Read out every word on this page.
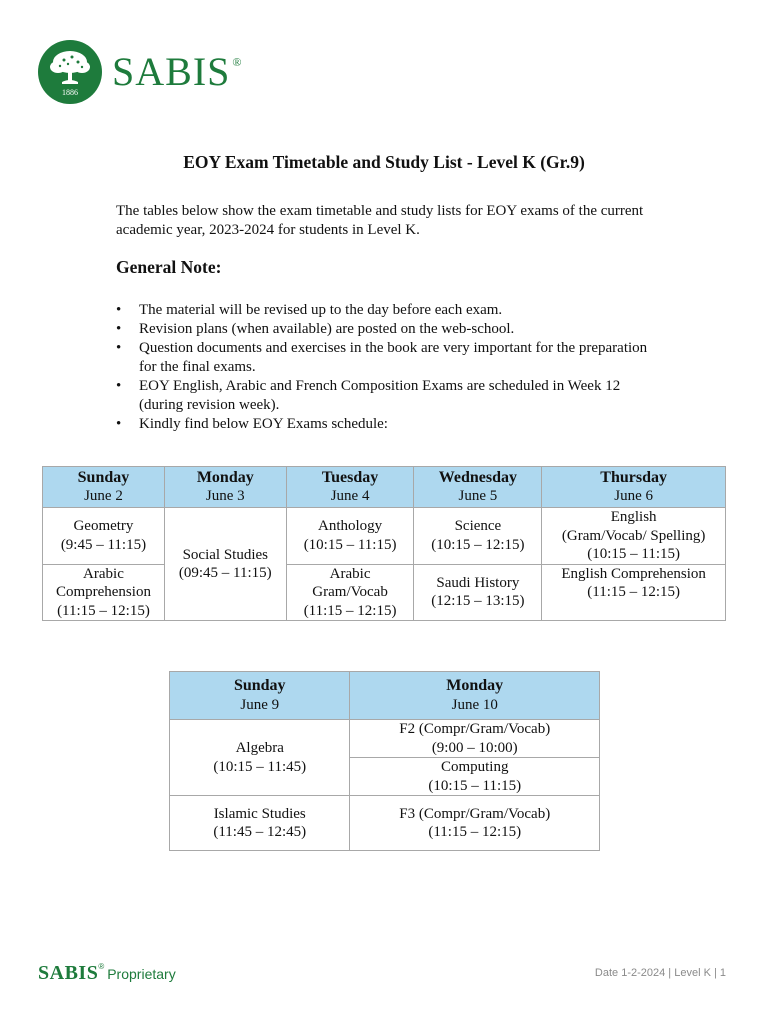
1886 SABIS ®
EOY Exam Timetable and Study List - Level K (Gr.9)

The tables below show the exam timetable and study lists for EOY exams of the current academic year, 2023-2024 for students in Level K.

General Note:
• The material will be revised up to the day before each exam.
• Revision plans (when available) are posted on the web-school.
• Question documents and exercises in the book are very important for the preparation for the final exams.
• EOY English, Arabic and French Composition Exams are scheduled in Week 12 (during revision week).
• Kindly find below EOY Exams schedule:
Sunday
June 2	Monday
June 3	Tuesday
June 4	Wednesday
June 5	Thursday
June 6

Geometry
(9:45 – 11:15)	Social Studies
(09:45 – 11:15)	Anthology
(10:15 – 11:15)	Science
(10:15 – 12:15)	English
(Gram/Vocab/ Spelling)
(10:15 – 11:15)

Arabic
Comprehension
(11:15 – 12:15)		Arabic
Gram/Vocab
(11:15 – 12:15)	Saudi History
(12:15 – 13:15)	English Comprehension
(11:15 – 12:15)
Sunday
June 9	Monday
June 10

Algebra
(10:15 – 11:45)	F2 (Compr/Gram/Vocab)
(9:00 – 10:00)

	Computing
(10:15 – 11:15)

Islamic Studies
(11:45 – 12:45)	F3 (Compr/Gram/Vocab)
(11:15 – 12:15)
SABIS ® Proprietary	Date 1-2-2024 | Level K | 1
